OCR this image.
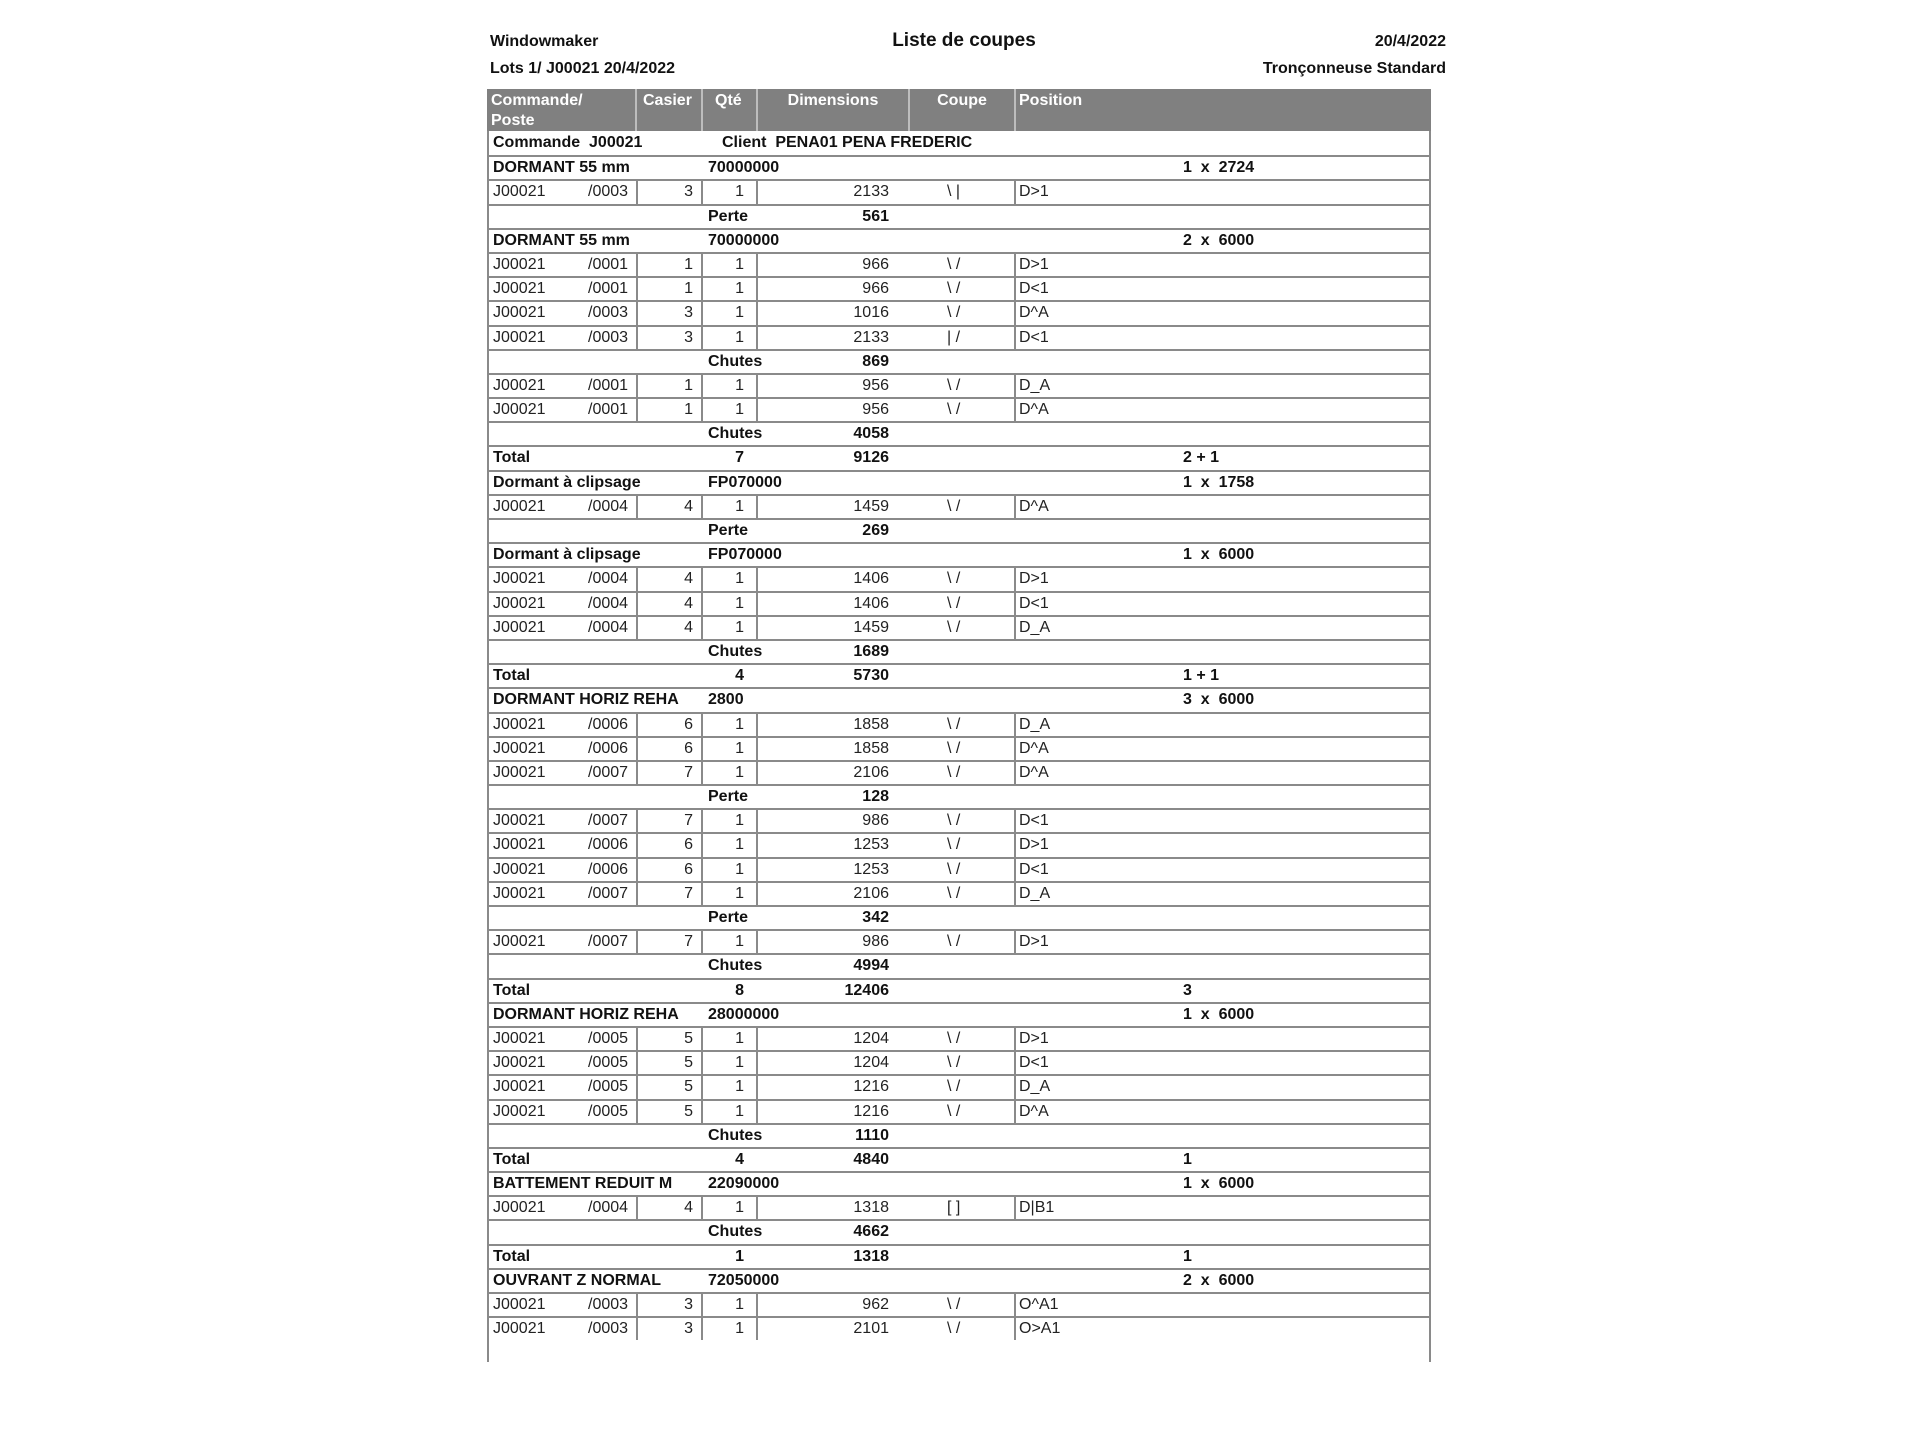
Windowmaker	Liste de coupes	20/4/2022
Lots 1/ J00021 20/4/2022	Tronçonneuse Standard
Commande/
Poste
Casier Qté	Dimensions	Coupe	Position
Commande  J00021	Client  PENA01 PENA FREDERIC
DORMANT 55 mm	70000000	1  x  2724
J00021	/0003	3	1	2133	\ |	D>1
Perte	561
DORMANT 55 mm	70000000	2  x  6000
J00021	/0001	1	1	966	\ /	D>1
J00021	/0001	1	1	966	\ /	D<1
J00021	/0003	3	1	1016	\ /	D^A
J00021	/0003	3	1	2133	| /	D<1
Chutes	869
J00021	/0001	1	1	956	\ /	D_A
J00021	/0001	1	1	956	\ /	D^A
Chutes	4058
Total	7	9126	2 + 1
Dormant à clipsage	FP070000	1  x  1758
J00021	/0004	4	1	1459	\ /	D^A
Perte	269
Dormant à clipsage	FP070000	1  x  6000
J00021	/0004	4	1	1406	\ /	D>1
J00021	/0004	4	1	1406	\ /	D<1
J00021	/0004	4	1	1459	\ /	D_A
Chutes	1689
Total	4	5730	1 + 1
DORMANT HORIZ REHA 2800	3  x  6000
J00021	/0006	6	1	1858	\ /	D_A
J00021	/0006	6	1	1858	\ /	D^A
J00021	/0007	7	1	2106	\ /	D^A
Perte	128
J00021	/0007	7	1	986	\ /	D<1
J00021	/0006	6	1	1253	\ /	D>1
J00021	/0006	6	1	1253	\ /	D<1
J00021	/0007	7	1	2106	\ /	D_A
Perte	342
J00021	/0007	7	1	986	\ /	D>1
Chutes	4994
Total	8	12406	3
DORMANT HORIZ REHA 28000000	1  x  6000
J00021	/0005	5	1	1204	\ /	D>1
J00021	/0005	5	1	1204	\ /	D<1
J00021	/0005	5	1	1216	\ /	D_A
J00021	/0005	5	1	1216	\ /	D^A
Chutes	1110
Total	4	4840	1
BATTEMENT REDUIT M 22090000	1  x  6000
J00021	/0004	4	1	1318	[ ]	D|B1
Chutes	4662
Total	1	1318	1
OUVRANT Z NORMAL	72050000	2  x  6000
J00021	/0003	3	1	962	\ /	O^A1
J00021	/0003	3	1	2101	\ /	O>A1
